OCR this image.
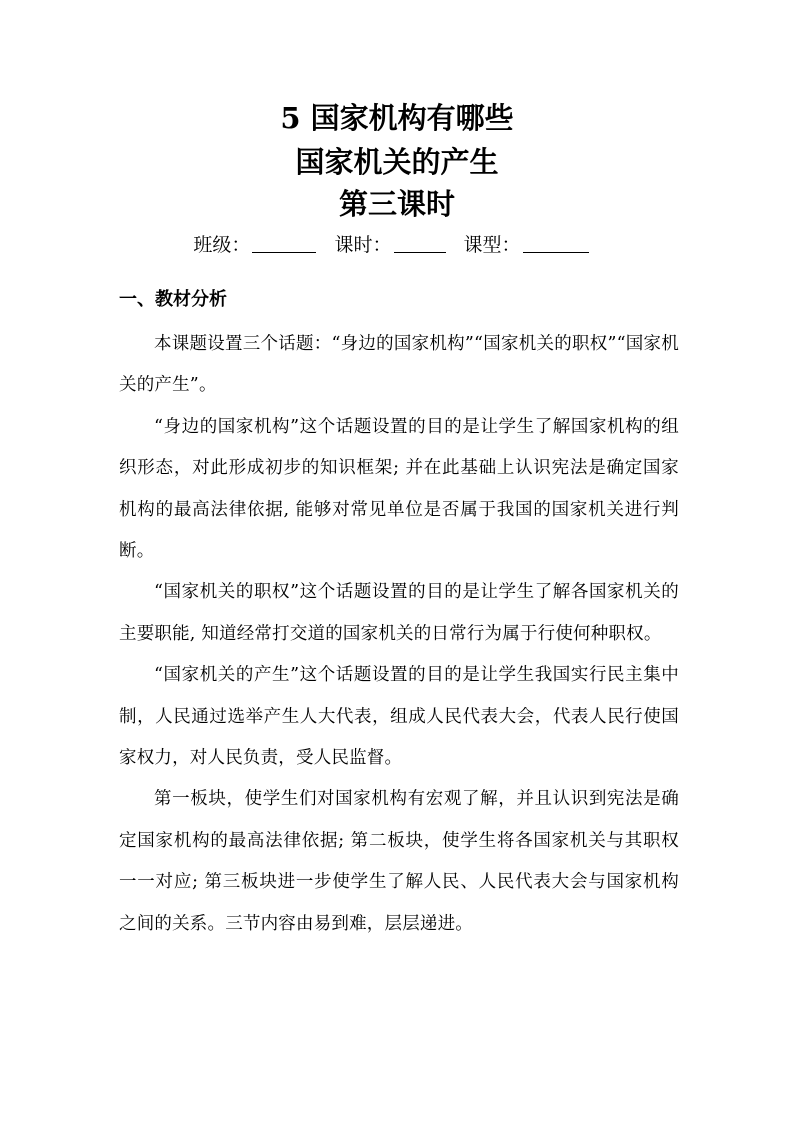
5 国家机构有哪些
国家机关的产生
第三课时
班级：	课时：	课型：
一、教材分析

本课题设置三个话题：“身边的国家机构”“国家机关的职权”“国家机关的产生”。

“身边的国家机构”这个话题设置的目的是让学生了解国家机构的组织形态，对此形成初步的知识框架; 并在此基础上认识宪法是确定国家机构的最高法律依据, 能够对常见单位是否属于我国的国家机关进行判断。

“国家机关的职权”这个话题设置的目的是让学生了解各国家机关的主要职能, 知道经常打交道的国家机关的日常行为属于行使何种职权。

“国家机关的产生”这个话题设置的目的是让学生我国实行民主集中制，人民通过选举产生人大代表，组成人民代表大会，代表人民行使国家权力，对人民负责，受人民监督。

第一板块，使学生们对国家机构有宏观了解，并且认识到宪法是确定国家机构的最高法律依据; 第二板块，使学生将各国家机关与其职权一一对应; 第三板块进一步使学生了解人民、人民代表大会与国家机构之间的关系。三节内容由易到难，层层递进。
